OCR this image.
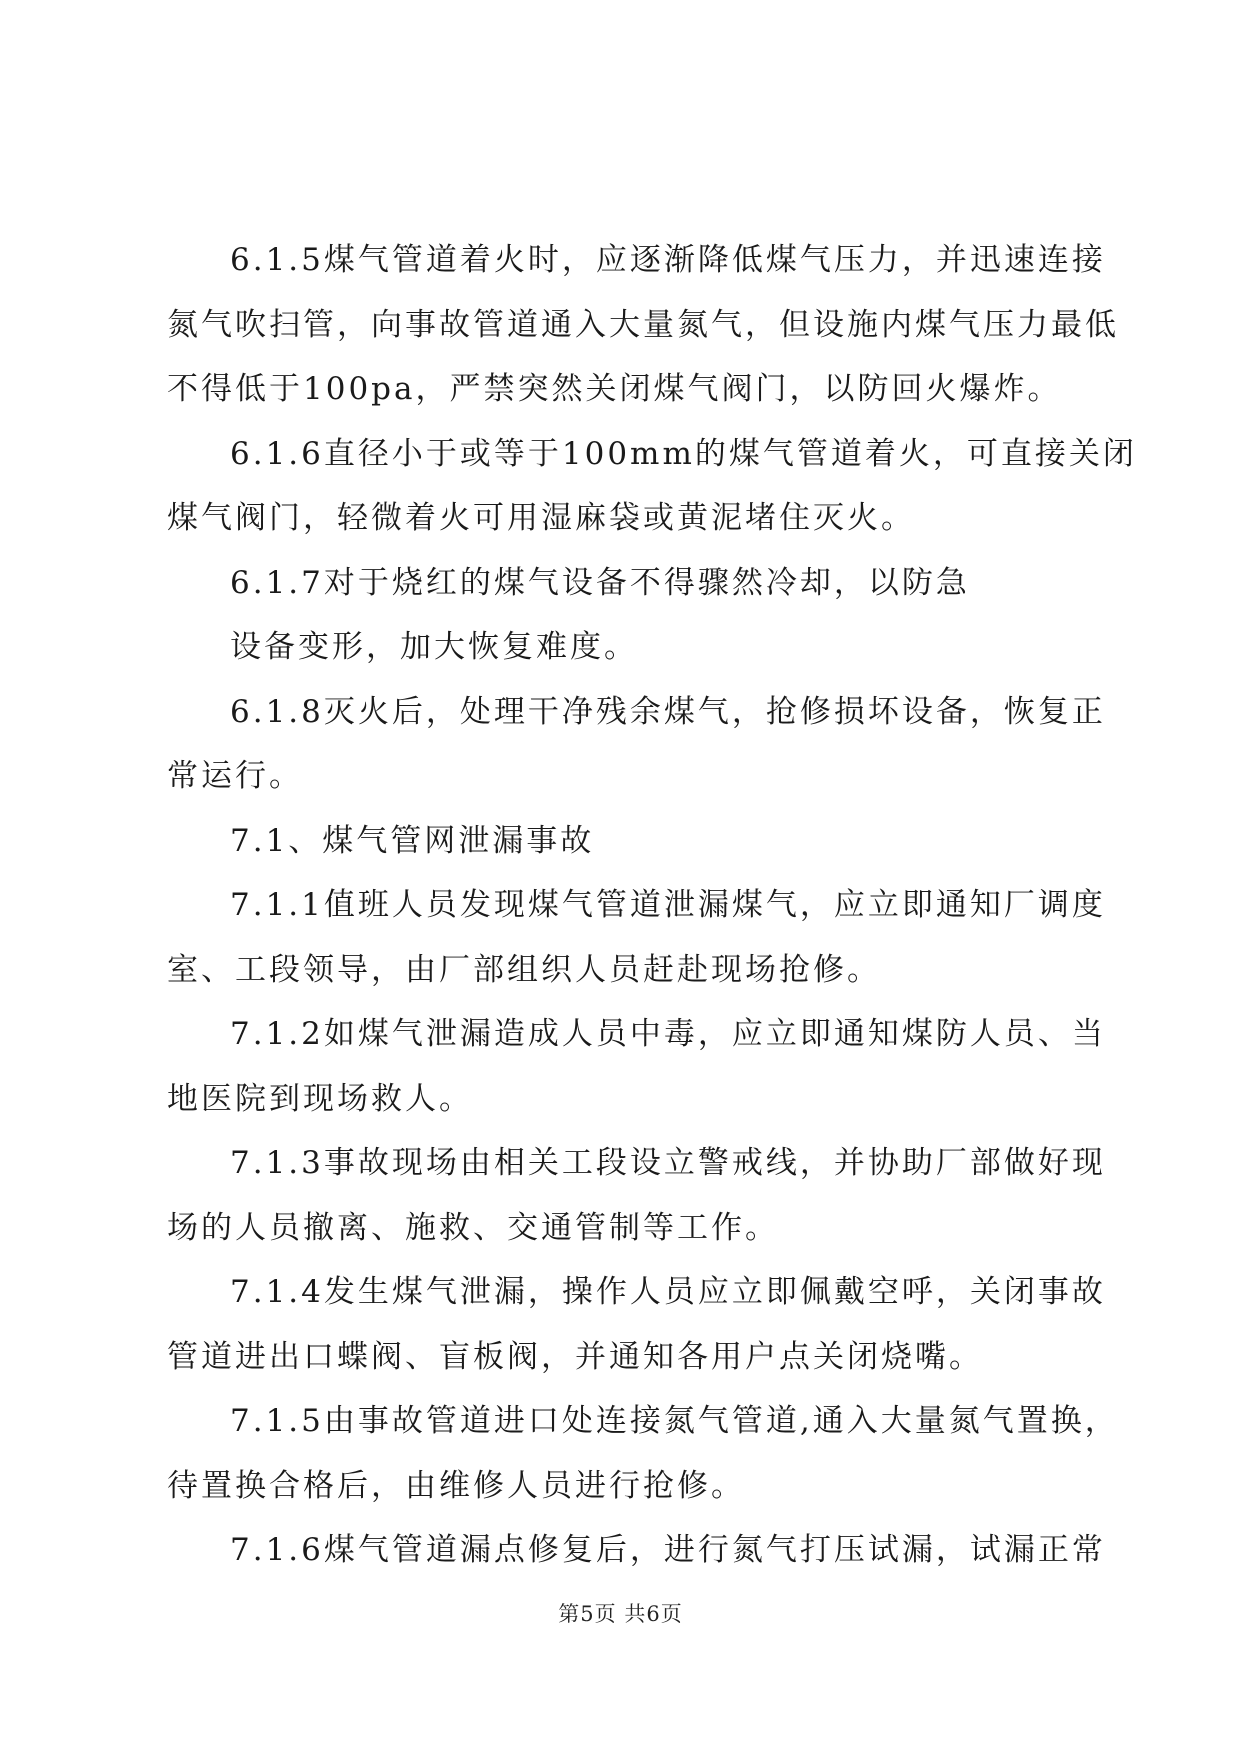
6.1.5煤气管道着火时，应逐渐降低煤气压力，并迅速连接
氮气吹扫管，向事故管道通入大量氮气，但设施内煤气压力最低
不得低于100pa，严禁突然关闭煤气阀门，以防回火爆炸。
6.1.6直径小于或等于100mm的煤气管道着火，可直接关闭
煤气阀门，轻微着火可用湿麻袋或黄泥堵住灭火。
6.1.7对于烧红的煤气设备不得骤然冷却，以防急
设备变形，加大恢复难度。
6.1.8灭火后，处理干净残余煤气，抢修损坏设备，恢复正
常运行。
7.1、煤气管网泄漏事故
7.1.1值班人员发现煤气管道泄漏煤气，应立即通知厂调度
室、工段领导，由厂部组织人员赶赴现场抢修。
7.1.2如煤气泄漏造成人员中毒，应立即通知煤防人员、当
地医院到现场救人。
7.1.3事故现场由相关工段设立警戒线，并协助厂部做好现
场的人员撤离、施救、交通管制等工作。
7.1.4发生煤气泄漏，操作人员应立即佩戴空呼，关闭事故
管道进出口蝶阀、盲板阀，并通知各用户点关闭烧嘴。
7.1.5由事故管道进口处连接氮气管道,通入大量氮气置换，
待置换合格后，由维修人员进行抢修。
7.1.6煤气管道漏点修复后，进行氮气打压试漏，试漏正常
第5页 共6页
